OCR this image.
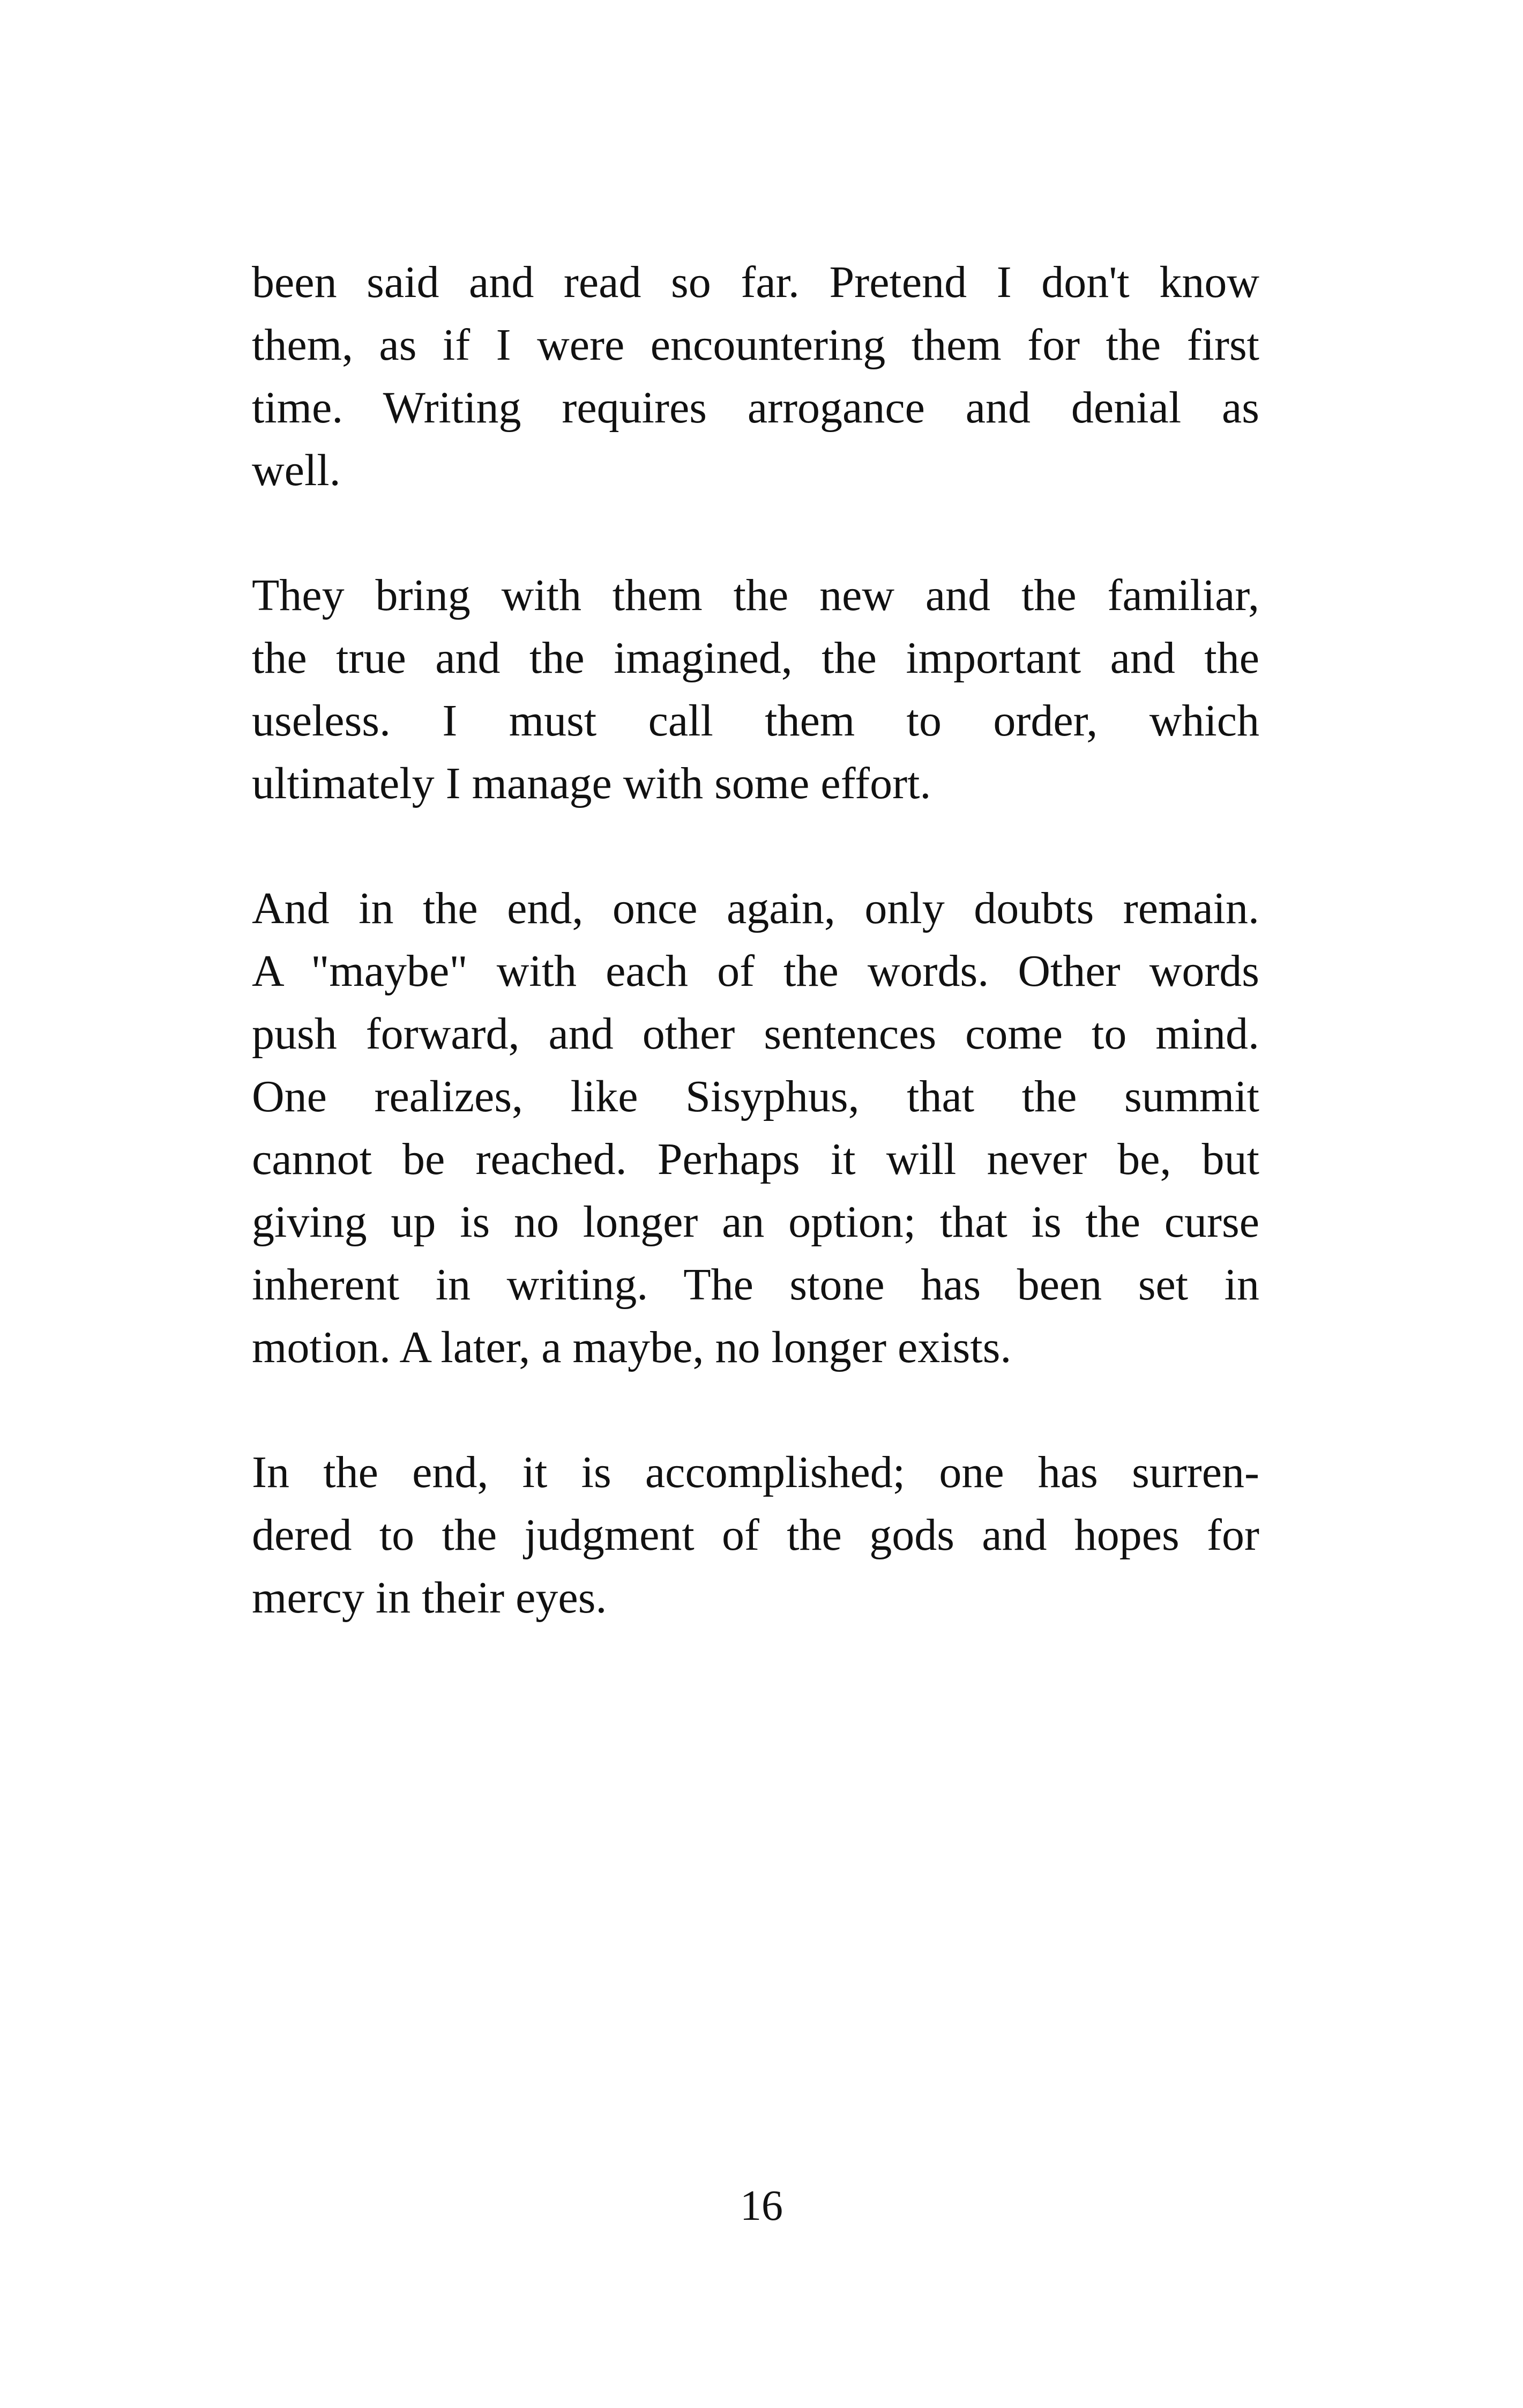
been said and read so far. Pretend I don't know
them, as if I were encountering them for the first
time. Writing requires arrogance and denial as
well.

They bring with them the new and the familiar,
the true and the imagined, the important and the
useless. I must call them to order, which
ultimately I manage with some effort.

And in the end, once again, only doubts remain.
A "maybe" with each of the words. Other words
push forward, and other sentences come to mind.
One realizes, like Sisyphus, that the summit
cannot be reached. Perhaps it will never be, but
giving up is no longer an option; that is the curse
inherent in writing. The stone has been set in
motion. A later, a maybe, no longer exists.

In the end, it is accomplished; one has surren-
dered to the judgment of the gods and hopes for
mercy in their eyes.

16
